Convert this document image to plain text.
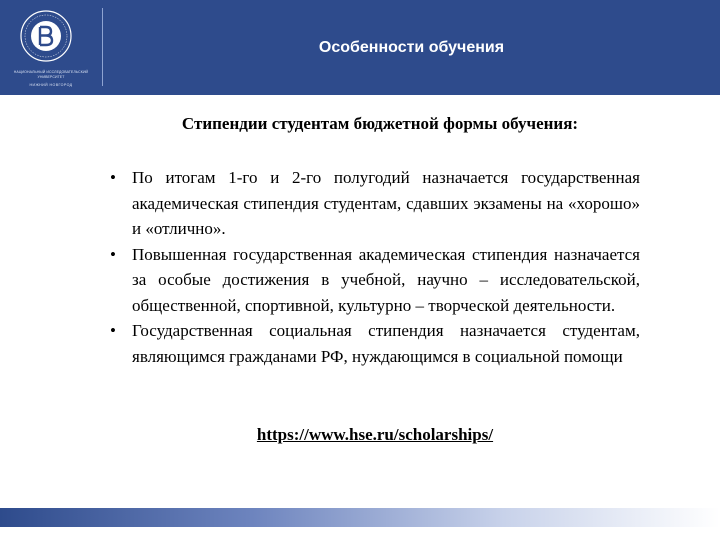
НАЦИОНАЛЬНЫЙ ИССЛЕДОВАТЕЛЬСКИЙ УНИВЕРСИТЕТ
НИЖНИЙ НОВГОРОД
Особенности обучения
Стипендии студентам бюджетной формы обучения:
• По итогам 1-го и 2-го полугодий назначается государственная академическая стипендия студентам, сдавших экзамены на «хорошо» и «отлично».
• Повышенная государственная академическая стипендия назначается за особые достижения в учебной, научно – исследовательской, общественной, спортивной, культурно – творческой деятельности.
• Государственная социальная стипендия назначается студентам, являющимся гражданами РФ, нуждающимся в социальной помощи
https://www.hse.ru/scholarships/
